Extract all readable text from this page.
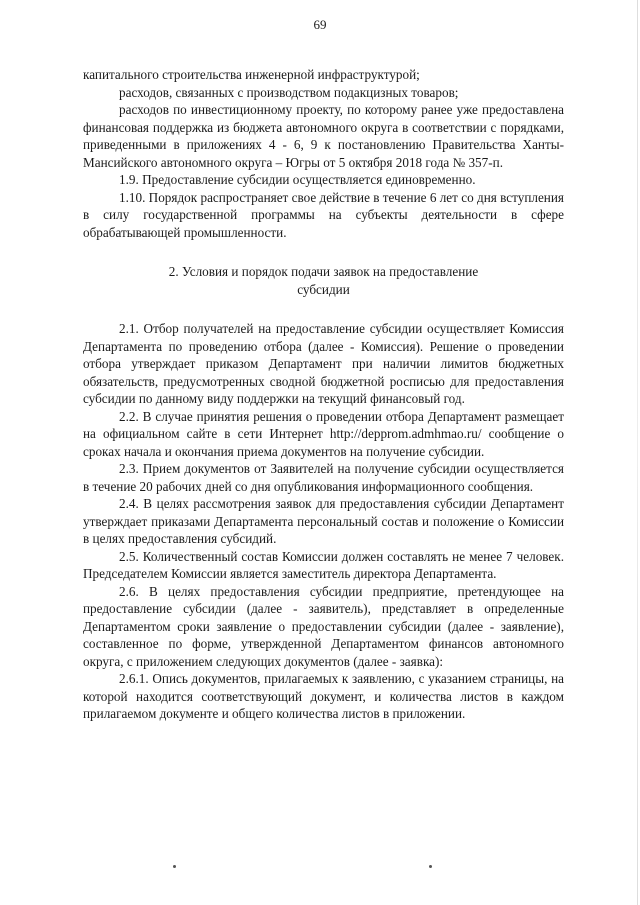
69

капитального строительства инженерной инфраструктурой;

расходов, связанных с производством подакцизных товаров;

расходов по инвестиционному проекту, по которому ранее уже предоставлена финансовая поддержка из бюджета автономного округа в соответствии с порядками, приведенными в приложениях 4 - 6, 9 к постановлению Правительства Ханты-Мансийского автономного округа – Югры от 5 октября 2018 года № 357-п.

1.9. Предоставление субсидии осуществляется единовременно.

1.10. Порядок распространяет свое действие в течение 6 лет со дня вступления в силу государственной программы на субъекты деятельности в сфере обрабатывающей промышленности.

2. Условия и порядок подачи заявок на предоставление
субсидии

2.1. Отбор получателей на предоставление субсидии осуществляет Комиссия Департамента по проведению отбора (далее - Комиссия). Решение о проведении отбора утверждает приказом Департамент при наличии лимитов бюджетных обязательств, предусмотренных сводной бюджетной росписью для предоставления субсидии по данному виду поддержки на текущий финансовый год.

2.2. В случае принятия решения о проведении отбора Департамент размещает на официальном сайте в сети Интернет http://depprom.admhmao.ru/ сообщение о сроках начала и окончания приема документов на получение субсидии.

2.3. Прием документов от Заявителей на получение субсидии осуществляется в течение 20 рабочих дней со дня опубликования информационного сообщения.

2.4. В целях рассмотрения заявок для предоставления субсидии Департамент утверждает приказами Департамента персональный состав и положение о Комиссии в целях предоставления субсидий.

2.5. Количественный состав Комиссии должен составлять не менее 7 человек. Председателем Комиссии является заместитель директора Департамента.

2.6. В целях предоставления субсидии предприятие, претендующее на предоставление субсидии (далее - заявитель), представляет в определенные Департаментом сроки заявление о предоставлении субсидии (далее - заявление), составленное по форме, утвержденной Департаментом финансов автономного округа, с приложением следующих документов (далее - заявка):

2.6.1. Опись документов, прилагаемых к заявлению, с указанием страницы, на которой находится соответствующий документ, и количества листов в каждом прилагаемом документе и общего количества листов в приложении.
